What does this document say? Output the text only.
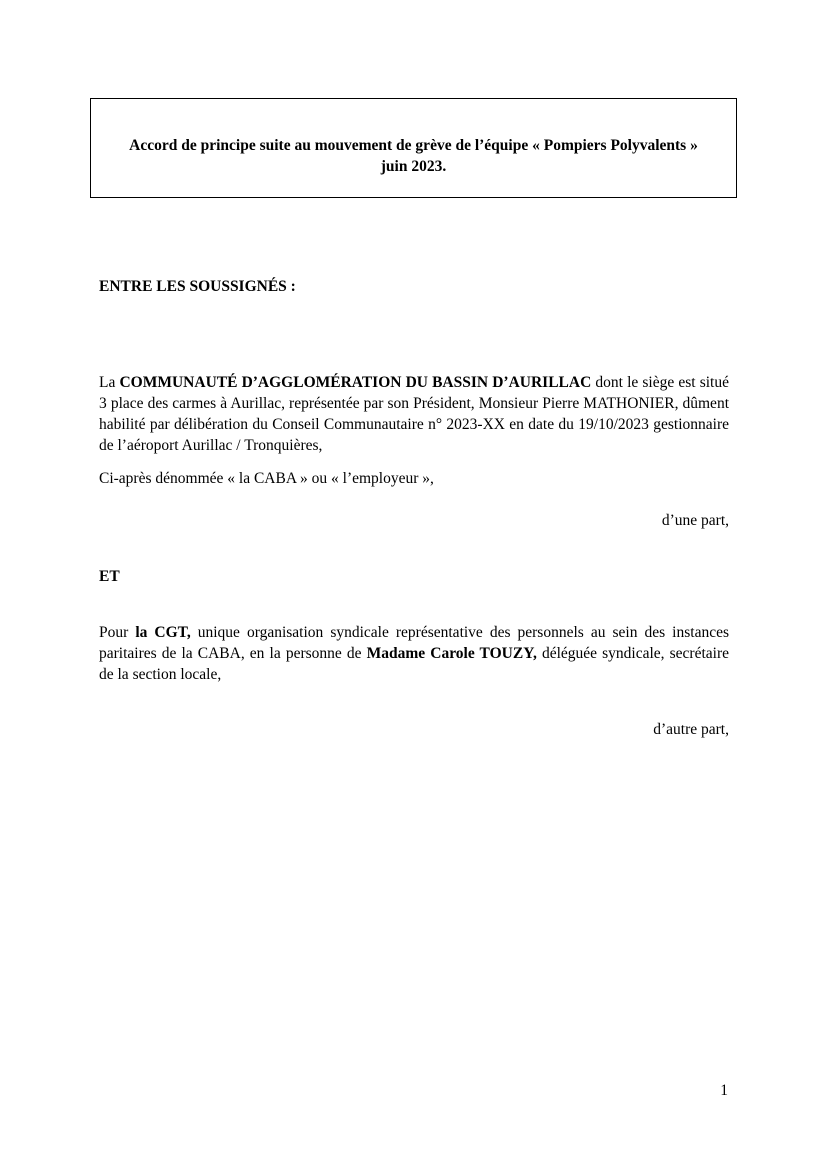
Accord de principe suite au mouvement de grève de l’équipe « Pompiers Polyvalents »
juin 2023.
ENTRE LES SOUSSIGNÉS :
La COMMUNAUTÉ D’AGGLOMÉRATION DU BASSIN D’AURILLAC dont le siège est situé 3 place des carmes à Aurillac, représentée par son Président, Monsieur Pierre MATHONIER, dûment habilité par délibération du Conseil Communautaire n° 2023-XX en date du 19/10/2023 gestionnaire de l’aéroport Aurillac / Tronquières,
Ci-après dénommée « la CABA » ou « l’employeur »,
d’une part,
ET
Pour la CGT, unique organisation syndicale représentative des personnels au sein des instances paritaires de la CABA, en la personne de Madame Carole TOUZY, déléguée syndicale, secrétaire de la section locale,
d’autre part,
1
